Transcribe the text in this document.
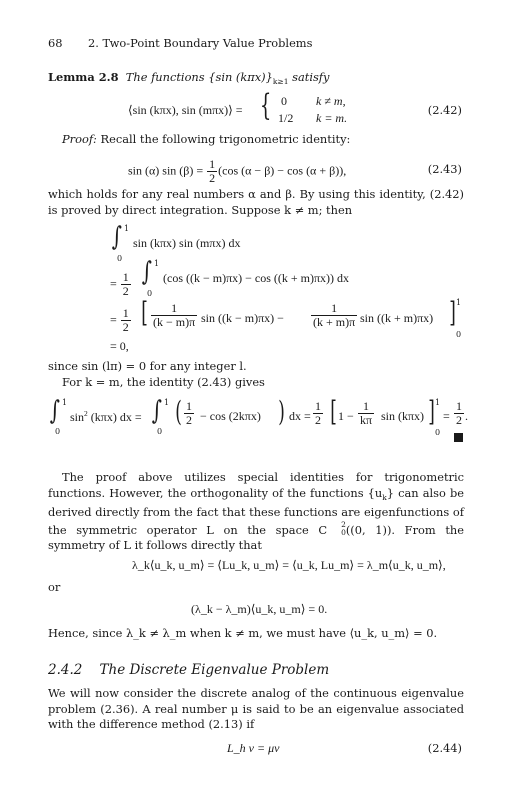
68 2. Two-Point Boundary Value Problems
Lemma 2.8 The functions {sin $(k\pi x)\}_{k\ge 1}$ satisfy
⟨sin (kπx), sin (mπx)⟩ = { 0 k ≠ m,
1/2 k = m.
(2.42)
Proof: Recall the following trigonometric identity:
sin (α) $\sin (\beta) = \frac{1}{2} (\cos$ (α − β) − cos (α + β)),	(2.43)
which holds for any real numbers α and β. By using this identity, (2.42) is proved by direct integration. Suppose k ≠ m; then
∫ 1
0
sin (kπx) sin (mπx) dx
= $\frac{1}{2}$ ∫ 1
0
(cos ((k − m)πx) − cos ((k + m)πx)) dx
= $\frac{1}{2}$ [ $\frac{1}{(k - m)\pi}$ $\sin ((k - m)\pi x) - \frac{1}{(k + m)\pi}$ sin ((k + m)πx) ] 1
0
= 0,
since sin (lπ) = 0 for any integer l.
For k = m, the identity (2.43) gives
∫ 1
0
$\sin^2 (k\pi x)$ dx = ∫ 1
0
( $\frac{1}{2} - \cos (2k\pi x)$ ) dx = $\frac{1}{2}$ [ $1 - \frac{1}{k\pi}$ sin (kπx) ] 1
0
= $\frac{1}{2}$ .
The proof above utilizes special identities for trigonometric functions. However, the orthogonality of the functions $\{u_k\}$ can also be derived directly from the fact that these functions are eigenfunctions of the symmetric operator L on the space C	2
0 ((0, 1)). From the symmetry of L it follows directly that
λ_k⟨u_k, u_m⟩ = ⟨Lu_k, u_m⟩ = ⟨u_k, Lu_m⟩ = λ_m⟨u_k, u_m⟩,
or
(λ_k − λ_m)⟨u_k, u_m⟩ = 0.
Hence, since λ_k ≠ λ_m when k ≠ m, we must have ⟨u_k, u_m⟩ = 0.
2.4.2 The Discrete Eigenvalue Problem
We will now consider the discrete analog of the continuous eigenvalue problem (2.36). A real number μ is said to be an eigenvalue associated with the difference method (2.13) if
L_h v = μv	(2.44)
